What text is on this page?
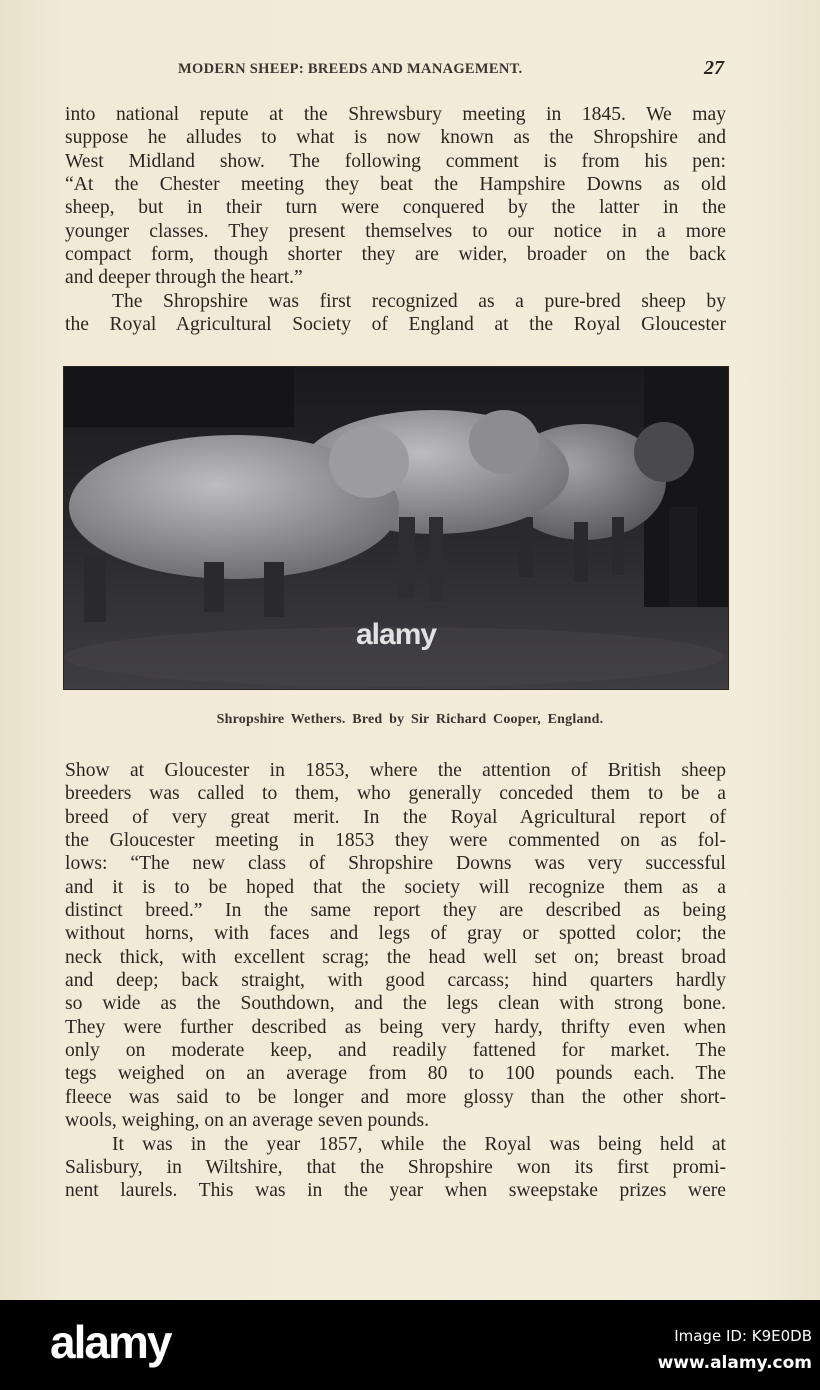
MODERN SHEEP: BREEDS AND MANAGEMENT.	27
into national repute at the Shrewsbury meeting in 1845. We may
suppose he alludes to what is now known as the Shropshire and
West Midland show. The following comment is from his pen:
“At the Chester meeting they beat the Hampshire Downs as old
sheep, but in their turn were conquered by the latter in the
younger classes. They present themselves to our notice in a more
compact form, though shorter they are wider, broader on the back
and deeper through the heart.”
The Shropshire was first recognized as a pure-bred sheep by
the Royal Agricultural Society of England at the Royal Gloucester
alamy
Shropshire Wethers. Bred by Sir Richard Cooper, England.
Show at Gloucester in 1853, where the attention of British sheep
breeders was called to them, who generally conceded them to be a
breed of very great merit. In the Royal Agricultural report of
the Gloucester meeting in 1853 they were commented on as fol-
lows: “The new class of Shropshire Downs was very successful
and it is to be hoped that the society will recognize them as a
distinct breed.” In the same report they are described as being
without horns, with faces and legs of gray or spotted color; the
neck thick, with excellent scrag; the head well set on; breast broad
and deep; back straight, with good carcass; hind quarters hardly
so wide as the Southdown, and the legs clean with strong bone.
They were further described as being very hardy, thrifty even when
only on moderate keep, and readily fattened for market. The
tegs weighed on an average from 80 to 100 pounds each. The
fleece was said to be longer and more glossy than the other short-
wools, weighing, on an average seven pounds.
It was in the year 1857, while the Royal was being held at
Salisbury, in Wiltshire, that the Shropshire won its first promi-
nent laurels. This was in the year when sweepstake prizes were
alamy	Image ID: K9E0DB
www.alamy.com
